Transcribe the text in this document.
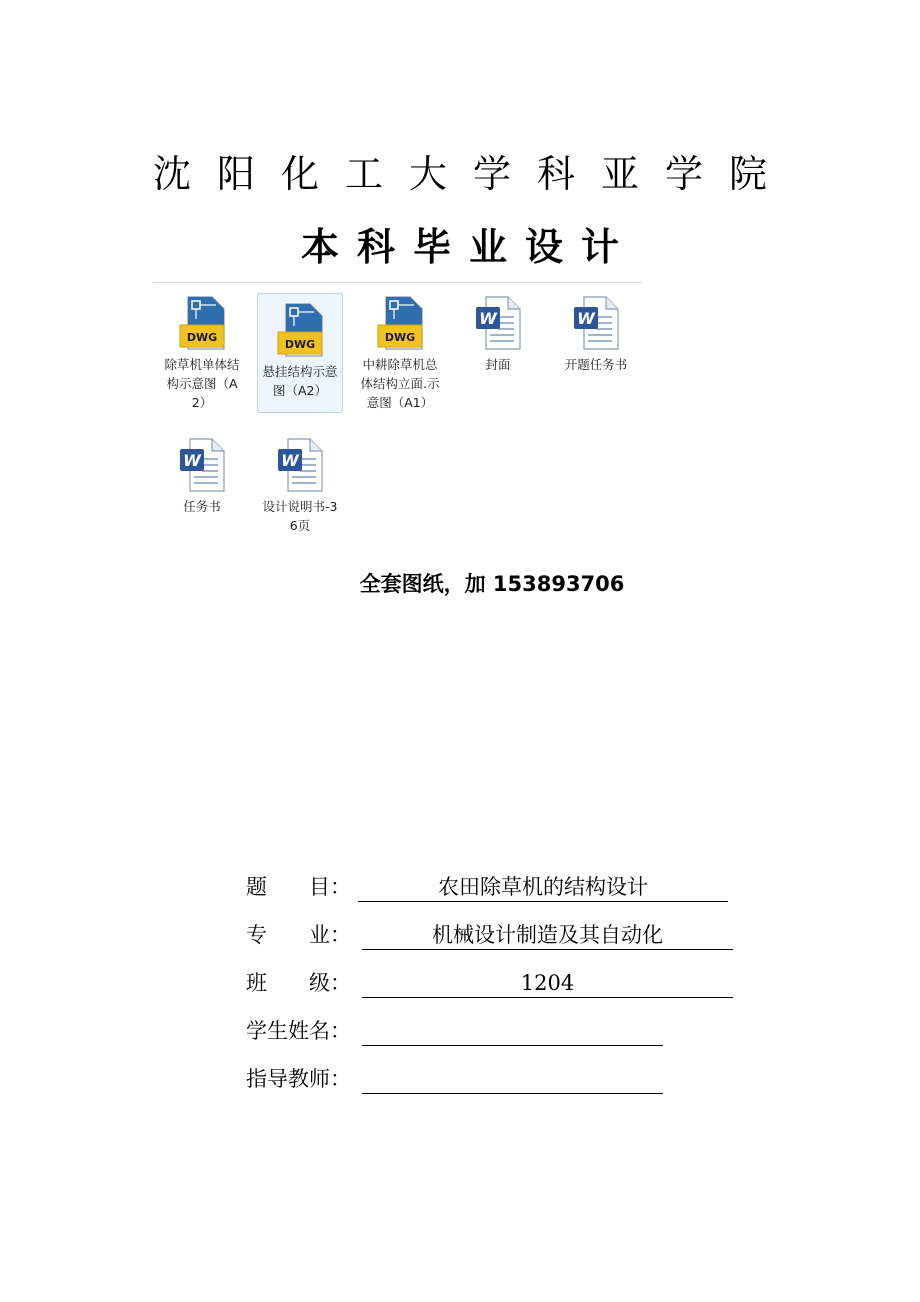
沈阳化工大学科亚学院
本科毕业设计
DWG
除草机单体结构示意图（A2）
DWG
悬挂结构示意图（A2）
DWG
中耕除草机总体结构立面.示意图（A1）
W
封面
W
开题任务书
W
任务书
W
设计说明书-36页
全套图纸，加 153893706
题　　目：	农田除草机的结构设计
专　　业：	机械设计制造及其自动化
班　　级：	1204
学生姓名：
指导教师：
